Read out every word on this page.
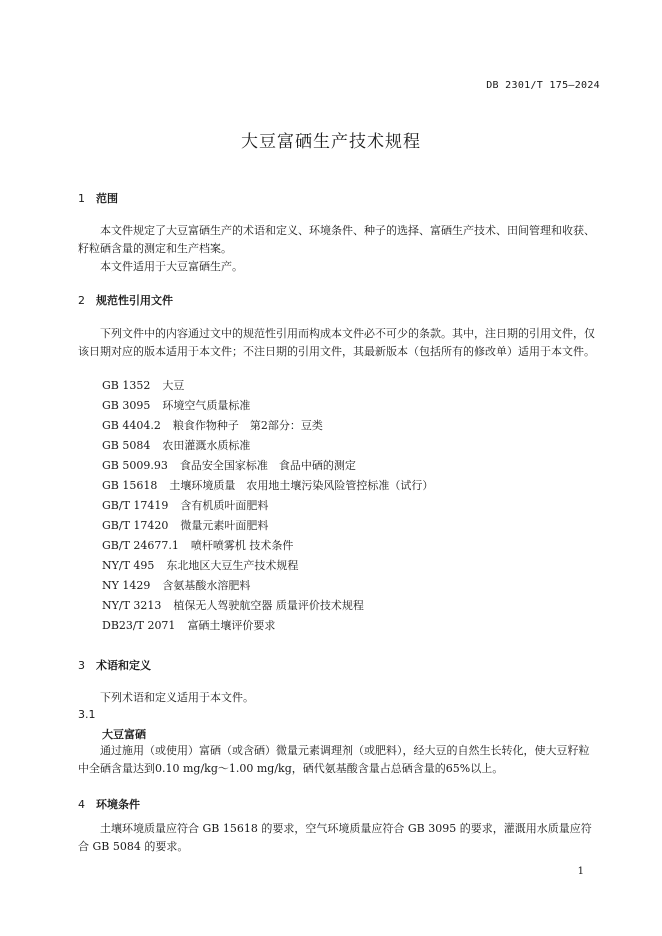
DB 2301/T 175—2024
大豆富硒生产技术规程
1 范围

本文件规定了大豆富硒生产的术语和定义、环境条件、种子的选择、富硒生产技术、田间管理和收获、籽粒硒含量的测定和生产档案。

本文件适用于大豆富硒生产。

2 规范性引用文件

下列文件中的内容通过文中的规范性引用而构成本文件必不可少的条款。其中，注日期的引用文件，仅该日期对应的版本适用于本文件；不注日期的引用文件，其最新版本（包括所有的修改单）适用于本文件。

GB 1352 大豆
GB 3095 环境空气质量标准
GB 4404.2 粮食作物种子　第2部分：豆类
GB 5084 农田灌溉水质标准
GB 5009.93 食品安全国家标准　食品中硒的测定
GB 15618 土壤环境质量　农用地土壤污染风险管控标准（试行）
GB/T 17419 含有机质叶面肥料
GB/T 17420 微量元素叶面肥料
GB/T 24677.1 喷杆喷雾机 技术条件
NY/T 495 东北地区大豆生产技术规程
NY 1429 含氨基酸水溶肥料
NY/T 3213 植保无人驾驶航空器 质量评价技术规程
DB23/T 2071 富硒土壤评价要求
3 术语和定义

下列术语和定义适用于本文件。

3.1
大豆富硒

通过施用（或使用）富硒（或含硒）微量元素调理剂（或肥料），经大豆的自然生长转化，使大豆籽粒中全硒含量达到0.10 mg/kg～1.00 mg/kg，硒代氨基酸含量占总硒含量的65%以上。

4 环境条件

土壤环境质量应符合 GB 15618 的要求，空气环境质量应符合 GB 3095 的要求，灌溉用水质量应符合 GB 5084 的要求。

1
